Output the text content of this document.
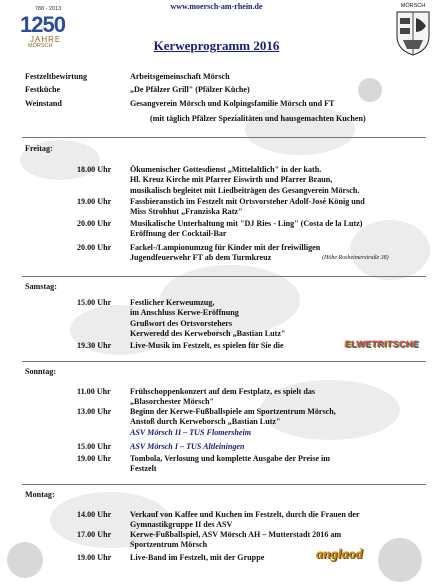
www.moersch-am-rhein.de
788 - 2013
1250
JAHRE
MÖRSCH
MÖRSCH
Kerweprogramm 2016
Festzeltbewirtung	Arbeitsgemeinschaft Mörsch
Festküche	„De Pfälzer Grill" (Pfälzer Küche)
Weinstand	Gesangverein Mörsch und Kolpingsfamilie Mörsch und FT
(mit täglich Pfälzer Spezialitäten und hausgemachten Kuchen)
Freitag:
18.00 Uhr Ökumenischer Gottesdienst „Mittelaltlich" in der kath.
Hl. Kreuz Kirche mit Pfarrer Eiswirth und Pfarrer Braun,
musikalisch begleitet mit Liedbeiträgen des Gesangverein Mörsch.
19.00 Uhr Fassbieranstich im Festzelt mit Ortsvorsteher Adolf-José König und
Miss Strohhut „Franziska Ratz"
20.00 Uhr Musikalische Unterhaltung mit "DJ Ries - Ling" (Costa de la Lutz)
Eröffnung der Cocktail-Bar
20.00 Uhr Fackel-/Lampionumzug für Kinder mit der freiwilligen
Jugendfeuerwehr FT ab dem Turmkreuz	(Höhe Rosheimerstraße 38)
Samstag:
15.00 Uhr Festlicher Kerweumzug,
im Anschluss Kerwe-Eröffnung
Grußwort des Ortsvorstehers
Kerweredd des Kerweborsch „Bastian Lutz"
19.30 Uhr Live-Musik im Festzelt, es spielen für Sie die	ELWETRITSCHE
Sonntag:
11.00 Uhr Frühschoppenkonzert auf dem Festplatz, es spielt das
„Blasorchester Mörsch"
13.00 Uhr Beginn der Kerwe-Fußballspiele am Sportzentrum Mörsch,
Anstoß durch Kerweborsch „Bastian Lutz"
ASV Mörsch II – TUS Flomersheim
15.00 Uhr ASV Mörsch I – TUS Altleiningen
19.00 Uhr Tombola, Verlosung und komplette Ausgabe der Preise im
Festzelt
Montag:
14.00 Uhr Verkauf von Kaffee und Kuchen im Festzelt, durch die Frauen der
Gymnastikgruppe II des ASV
17.00 Uhr Kerwe-Fußballspiel, ASV Mörsch AH – Mutterstadt 2016 am
Sportzentrum Mörsch
19.00 Uhr Live-Band im Festzelt, mit der Gruppe	anglaod
